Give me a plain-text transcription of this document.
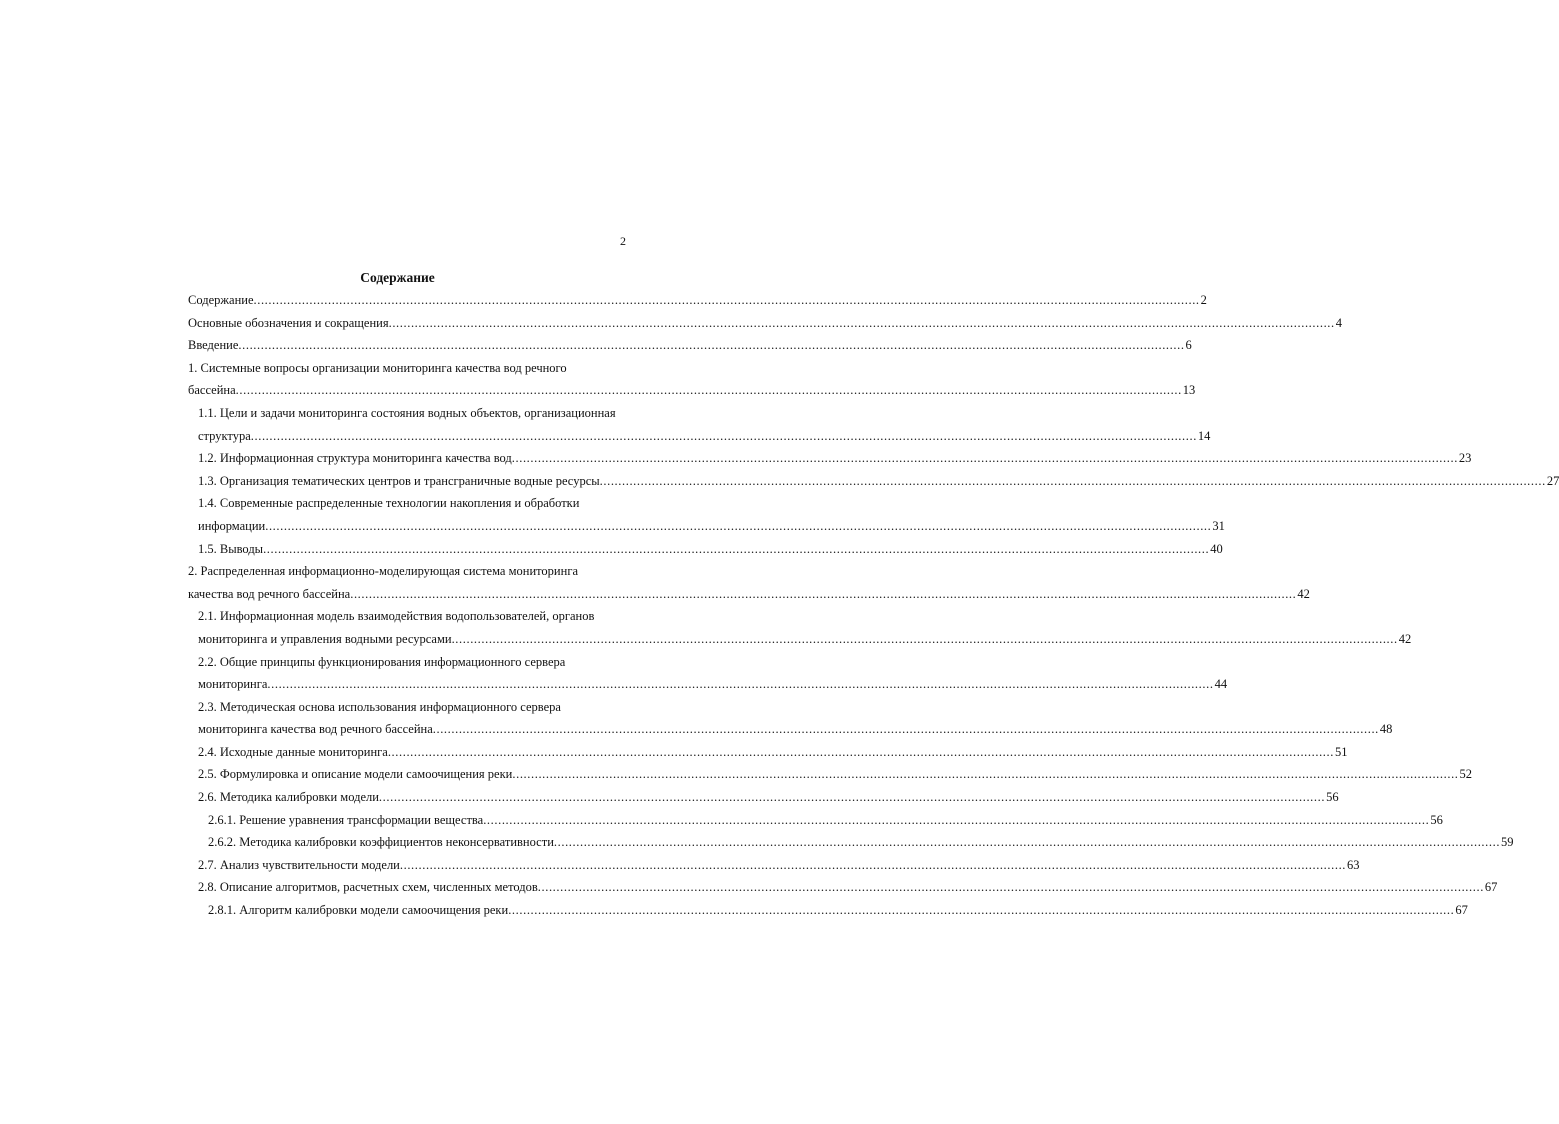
2
Содержание
Содержание .....	2
Основные обозначения и сокращения .....	4
Введение .....	6
1. Системные вопросы организации мониторинга качества вод речного
бассейна .....	13
1.1. Цели и задачи мониторинга состояния водных объектов, организационная
структура .....	14
1.2. Информационная структура мониторинга качества вод .....	23
1.3. Организация тематических центров и трансграничные водные ресурсы .....	27
1.4. Современные распределенные технологии накопления и обработки
информации .....	31
1.5. Выводы .....	40
2. Распределенная информационно-моделирующая система мониторинга
качества вод речного бассейна .....	42
2.1. Информационная модель взаимодействия водопользователей, органов
мониторинга и управления водными ресурсами .....	42
2.2. Общие принципы функционирования информационного сервера
мониторинга .....	44
2.3. Методическая основа использования информационного сервера
мониторинга качества вод речного бассейна .....	48
2.4. Исходные данные мониторинга .....	51
2.5. Формулировка и описание модели самоочищения реки .....	52
2.6. Методика калибровки модели .....	56
2.6.1. Решение уравнения трансформации вещества .....	56
2.6.2. Методика калибровки коэффициентов неконсервативности .....	59
2.7. Анализ чувствительности модели .....	63
2.8. Описание алгоритмов, расчетных схем, численных методов .....	67
2.8.1. Алгоритм калибровки модели самоочищения реки .....	67
